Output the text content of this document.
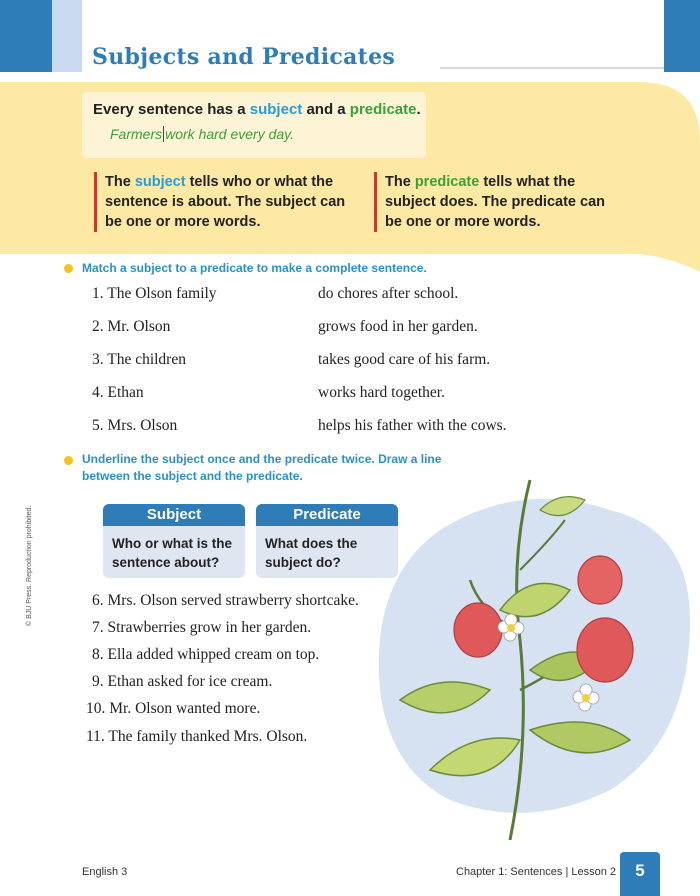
Subjects and Predicates
Every sentence has a subject and a predicate.
Farmers work hard every day.
The subject tells who or what the sentence is about. The subject can be one or more words.
The predicate tells what the subject does. The predicate can be one or more words.
Match a subject to a predicate to make a complete sentence.
1. The Olson family
2. Mr. Olson
3. The children
4. Ethan
5. Mrs. Olson
do chores after school.
grows food in her garden.
takes good care of his farm.
works hard together.
helps his father with the cows.
Underline the subject once and the predicate twice. Draw a line between the subject and the predicate.
Subject
Who or what is the sentence about?
Predicate
What does the subject do?
6. Mrs. Olson served strawberry shortcake.
7. Strawberries grow in her garden.
8. Ella added whipped cream on top.
9. Ethan asked for ice cream.
10. Mr. Olson wanted more.
11. The family thanked Mrs. Olson.
© BJU Press. Reproduction prohibited.
English 3	Chapter 1: Sentences | Lesson 2	5
